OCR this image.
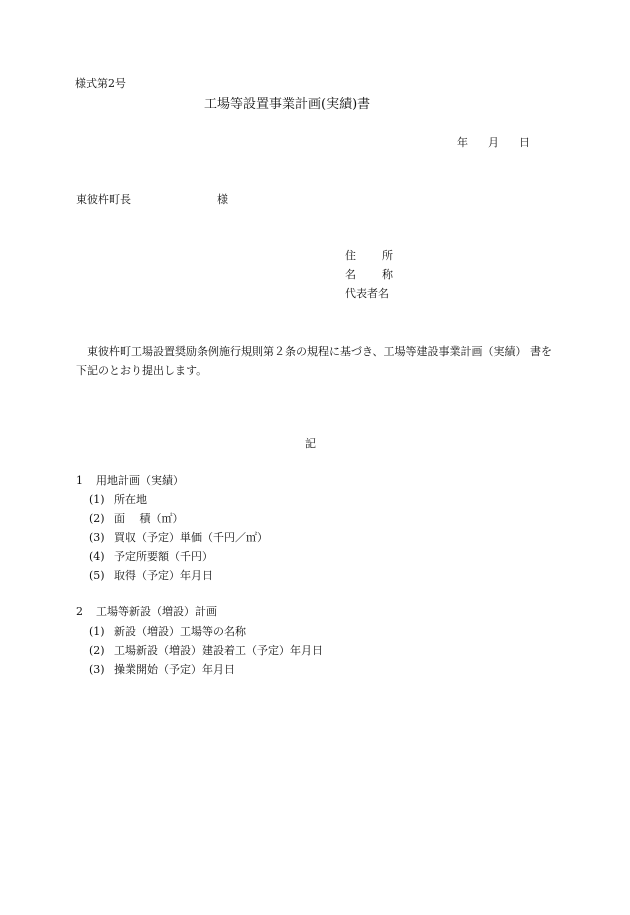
様式第2号
工場等設置事業計画(実績)書
年 月 日
東彼杵町長	様
住 所
名 称
代表者名
東彼杵町工場設置奨励条例施行規則第２条の規程に基づき、工場等建設事業計画（実績） 書を下記のとおり提出します。
記
1 用地計画（実績）
(1) 所在地
(2) 面　 積（㎡）
(3) 買収（予定）単価（千円／㎡）
(4) 予定所要額（千円）
(5) 取得（予定）年月日
2 工場等新設（増設）計画
(1) 新設（増設）工場等の名称
(2) 工場新設（増設）建設着工（予定）年月日
(3) 操業開始（予定）年月日
